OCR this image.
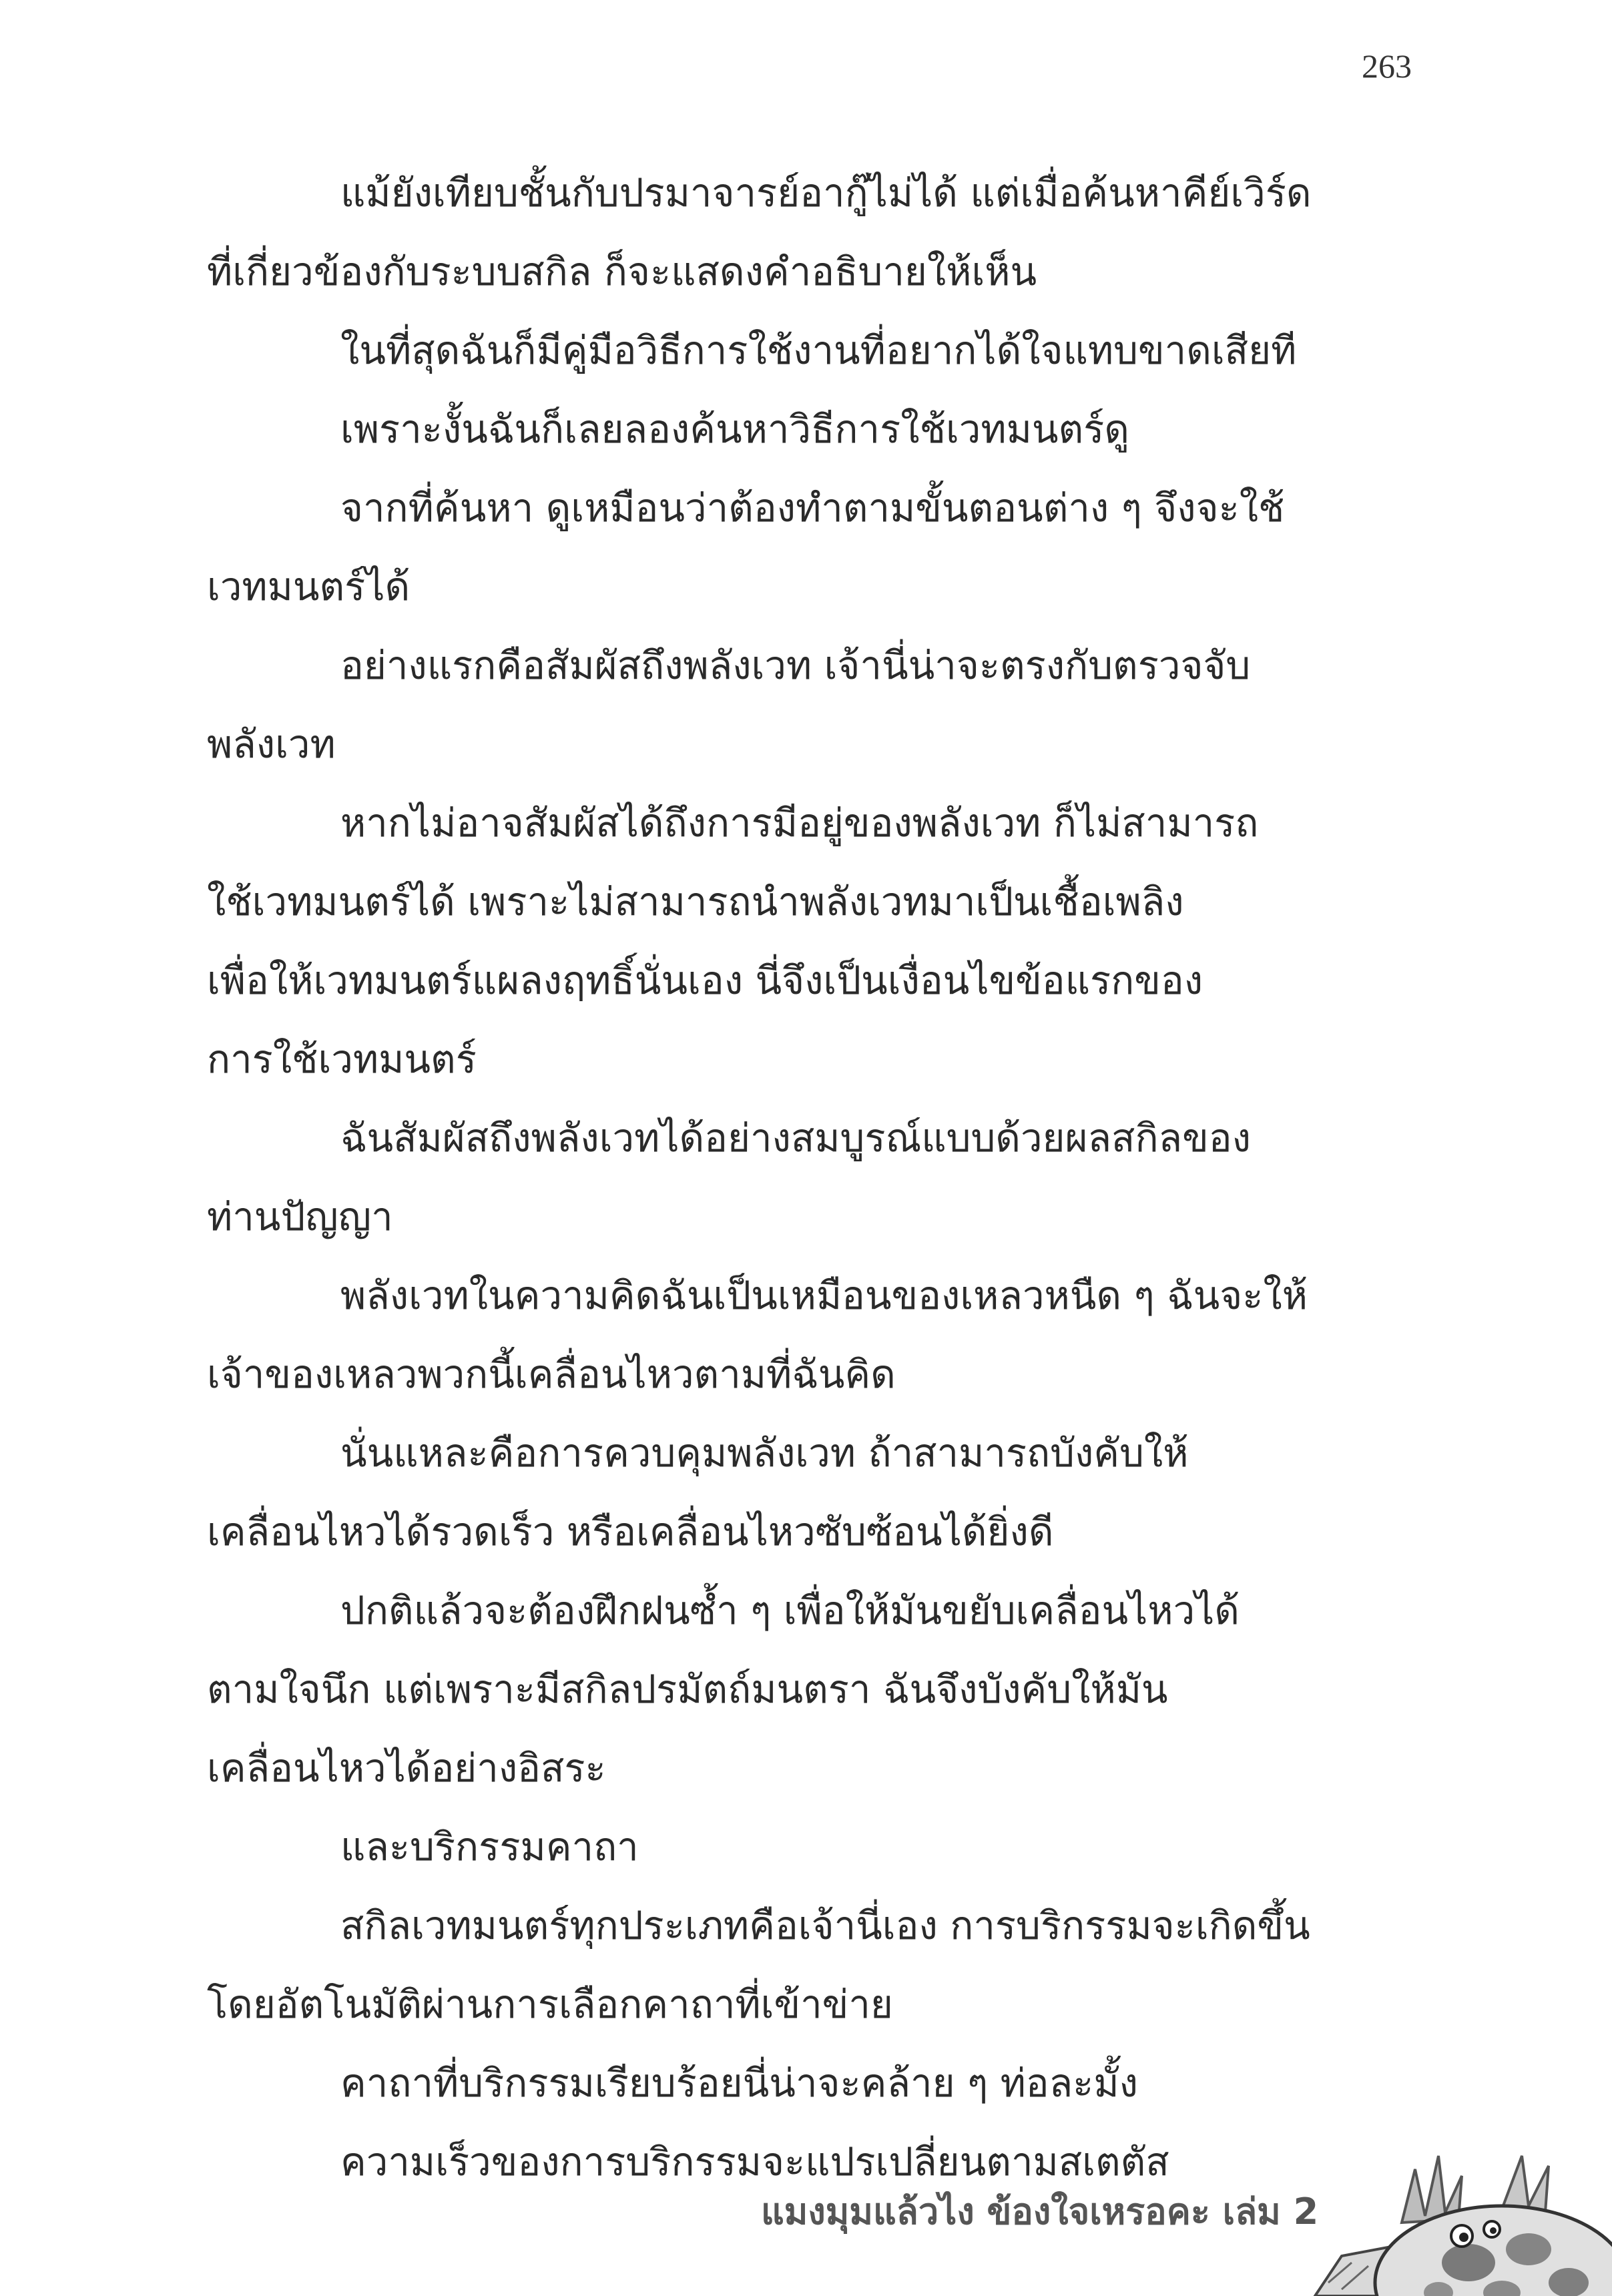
263
แม้ยังเทียบชั้นกับปรมาจารย์อากู๊ไม่ได้ แต่เมื่อค้นหาคีย์เวิร์ด
ที่เกี่ยวข้องกับระบบสกิล ก็จะแสดงคำอธิบายให้เห็น
ในที่สุดฉันก็มีคู่มือวิธีการใช้งานที่อยากได้ใจแทบขาดเสียที
เพราะงั้นฉันก็เลยลองค้นหาวิธีการใช้เวทมนตร์ดู
จากที่ค้นหา ดูเหมือนว่าต้องทำตามขั้นตอนต่าง ๆ จึงจะใช้
เวทมนตร์ได้
อย่างแรกคือสัมผัสถึงพลังเวท เจ้านี่น่าจะตรงกับตรวจจับ
พลังเวท
หากไม่อาจสัมผัสได้ถึงการมีอยู่ของพลังเวท ก็ไม่สามารถ
ใช้เวทมนตร์ได้ เพราะไม่สามารถนำพลังเวทมาเป็นเชื้อเพลิง
เพื่อให้เวทมนตร์แผลงฤทธิ์นั่นเอง นี่จึงเป็นเงื่อนไขข้อแรกของ
การใช้เวทมนตร์
ฉันสัมผัสถึงพลังเวทได้อย่างสมบูรณ์แบบด้วยผลสกิลของ
ท่านปัญญา
พลังเวทในความคิดฉันเป็นเหมือนของเหลวหนืด ๆ ฉันจะให้
เจ้าของเหลวพวกนี้เคลื่อนไหวตามที่ฉันคิด
นั่นแหละคือการควบคุมพลังเวท ถ้าสามารถบังคับให้
เคลื่อนไหวได้รวดเร็ว หรือเคลื่อนไหวซับซ้อนได้ยิ่งดี
ปกติแล้วจะต้องฝึกฝนซ้ำ ๆ เพื่อให้มันขยับเคลื่อนไหวได้
ตามใจนึก แต่เพราะมีสกิลปรมัตถ์มนตรา ฉันจึงบังคับให้มัน
เคลื่อนไหวได้อย่างอิสระ
และบริกรรมคาถา
สกิลเวทมนตร์ทุกประเภทคือเจ้านี่เอง การบริกรรมจะเกิดขึ้น
โดยอัตโนมัติผ่านการเลือกคาถาที่เข้าข่าย
คาถาที่บริกรรมเรียบร้อยนี่น่าจะคล้าย ๆ ท่อละมั้ง
ความเร็วของการบริกรรมจะแปรเปลี่ยนตามสเตตัส
แมงมุมแล้วไง ข้องใจเหรอคะ เล่ม 2
